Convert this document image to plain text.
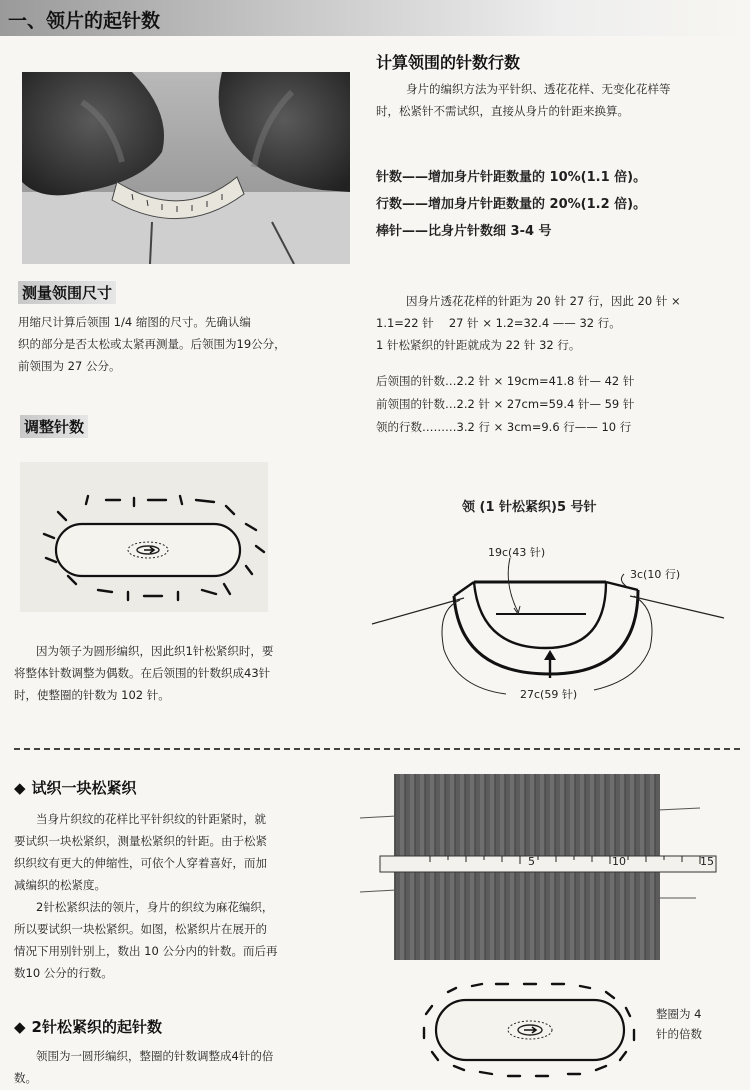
一、领片的起针数
测量领围尺寸
用缩尺计算后领围 1/4 缩图的尺寸。先确认编
织的部分是否太松或太紧再测量。后领围为19公分，
前领围为 27 公分。
调整针数
因为领子为圆形编织，因此织1针松紧织时，要
将整体针数调整为偶数。在后领围的针数织成43针
时，使整圈的针数为 102 针。
计算领围的针数行数
身片的编织方法为平针织、透花花样、无变化花样等
时，松紧针不需试织，直接从身片的针距来换算。
针数——增加身片针距数量的 10%(1.1 倍)。
行数——增加身片针距数量的 20%(1.2 倍)。
棒针——比身片针数细 3-4 号
因身片透花花样的针距为 20 针 27 行，因此 20 针 ×
1.1=22 针　 27 针 × 1.2=32.4 —— 32 行。
1 针松紧织的针距就成为 22 针 32 行。
后领围的针数…2.2 针 × 19cm=41.8 针— 42 针
前领围的针数…2.2 针 × 27cm=59.4 针— 59 针
领的行数………3.2 行 × 3cm=9.6 行—— 10 行
领 (1 针松紧织)5 号针
19c(43 针)
3c(10 行)
27c(59 针)
◆ 试织一块松紧织
当身片织纹的花样比平针织纹的针距紧时，就
要试织一块松紧织，测量松紧织的针距。由于松紧
织织纹有更大的伸缩性，可依个人穿着喜好，而加
减编织的松紧度。
2针松紧织法的领片，身片的织纹为麻花编织，
所以要试织一块松紧织。如图，松紧织片在展开的
情况下用别针别上，数出 10 公分内的针数。而后再
数10 公分的行数。
◆ 2针松紧织的起针数
领围为一圆形编织，整圈的针数调整成4针的倍
数。
5	10	15
整圈为 4
针的倍数
